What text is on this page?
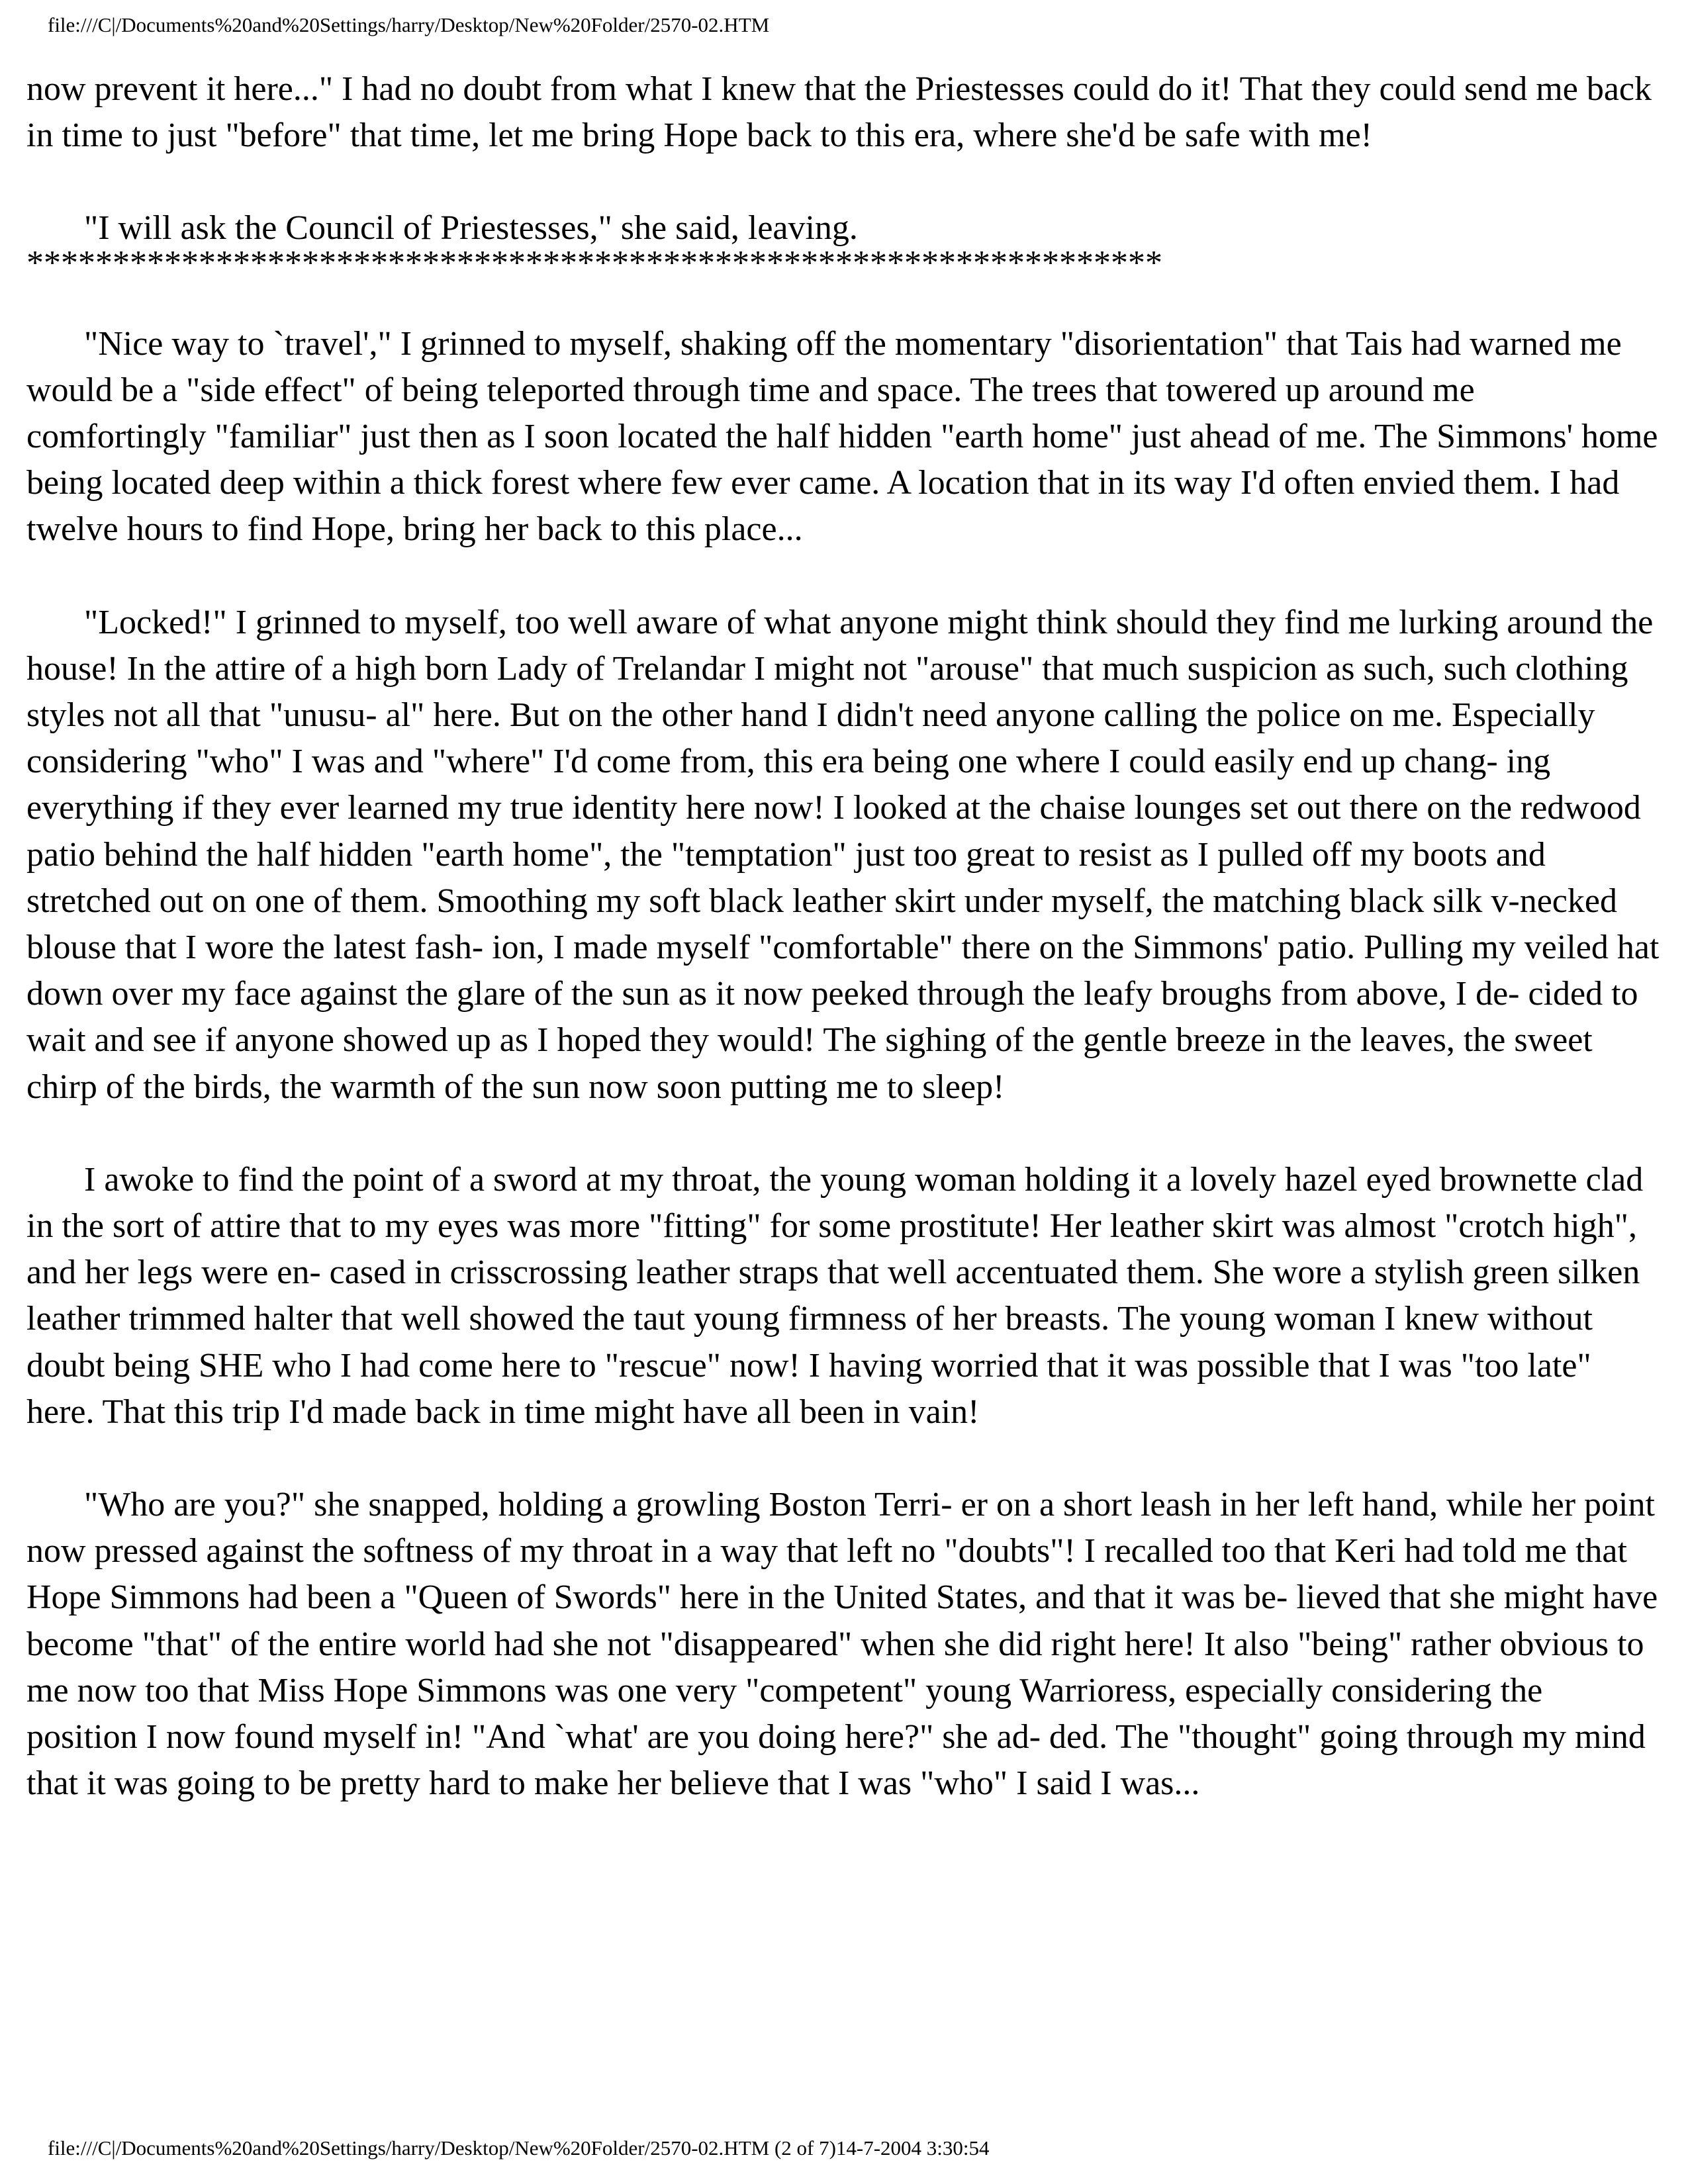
file:///C|/Documents%20and%20Settings/harry/Desktop/New%20Folder/2570-02.HTM

now prevent it here..." I had no doubt from what I knew that the Priestesses could do it! That they could send me back in time to just "before" that time, let me bring Hope back to this era, where she'd be safe with me!

"I will ask the Council of Priestesses," she said, leaving.

******************************************************************

"Nice way to `travel'," I grinned to myself, shaking off the momentary "disorientation" that Tais had warned me would be a "side effect" of being teleported through time and space. The trees that towered up around me comfortingly "familiar" just then as I soon located the half hidden "earth home" just ahead of me. The Simmons' home being located deep within a thick forest where few ever came. A location that in its way I'd often envied them. I had twelve hours to find Hope, bring her back to this place...

"Locked!" I grinned to myself, too well aware of what anyone might think should they find me lurking around the house! In the attire of a high born Lady of Trelandar I might not "arouse" that much suspicion as such, such clothing styles not all that "unusu- al" here. But on the other hand I didn't need anyone calling the police on me. Especially considering "who" I was and "where" I'd come from, this era being one where I could easily end up chang- ing everything if they ever learned my true identity here now! I looked at the chaise lounges set out there on the redwood patio behind the half hidden "earth home", the "temptation" just too great to resist as I pulled off my boots and stretched out on one of them. Smoothing my soft black leather skirt under myself, the matching black silk v-necked blouse that I wore the latest fash- ion, I made myself "comfortable" there on the Simmons' patio. Pulling my veiled hat down over my face against the glare of the sun as it now peeked through the leafy broughs from above, I de- cided to wait and see if anyone showed up as I hoped they would! The sighing of the gentle breeze in the leaves, the sweet chirp of the birds, the warmth of the sun now soon putting me to sleep!

I awoke to find the point of a sword at my throat, the young woman holding it a lovely hazel eyed brownette clad in the sort of attire that to my eyes was more "fitting" for some prostitute! Her leather skirt was almost "crotch high", and her legs were en- cased in crisscrossing leather straps that well accentuated them. She wore a stylish green silken leather trimmed halter that well showed the taut young firmness of her breasts. The young woman I knew without doubt being SHE who I had come here to "rescue" now! I having worried that it was possible that I was "too late" here. That this trip I'd made back in time might have all been in vain!

"Who are you?" she snapped, holding a growling Boston Terri- er on a short leash in her left hand, while her point now pressed against the softness of my throat in a way that left no "doubts"! I recalled too that Keri had told me that Hope Simmons had been a "Queen of Swords" here in the United States, and that it was be- lieved that she might have become "that" of the entire world had she not "disappeared" when she did right here! It also "being" rather obvious to me now too that Miss Hope Simmons was one very "competent" young Warrioress, especially considering the position I now found myself in! "And `what' are you doing here?" she ad- ded. The "thought" going through my mind that it was going to be pretty hard to make her believe that I was "who" I said I was...

file:///C|/Documents%20and%20Settings/harry/Desktop/New%20Folder/2570-02.HTM (2 of 7)14-7-2004 3:30:54
